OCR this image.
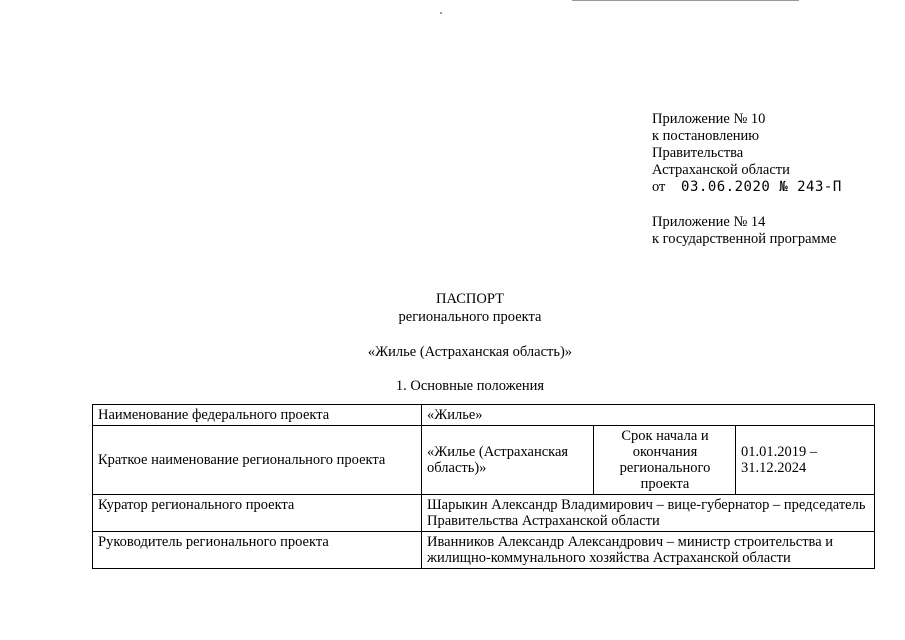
Приложение № 10
к постановлению
Правительства
Астраханской области
от 03.06.2020 № 243-П
Приложение № 14
к государственной программе
ПАСПОРТ
регионального проекта
«Жилье (Астраханская область)»
1. Основные положения
Наименование федерального проекта	«Жилье»		
Краткое наименование регионального проекта	«Жилье (Астраханская область)»	Срок начала и окончания регионального проекта	01.01.2019 – 31.12.2024
Куратор регионального проекта	Шарыкин Александр Владимирович – вице-губернатор – председатель Правительства Астраханской области		
Руководитель регионального проекта	Иванников Александр Александрович – министр строительства и жилищно-коммунального хозяйства Астраханской области		
